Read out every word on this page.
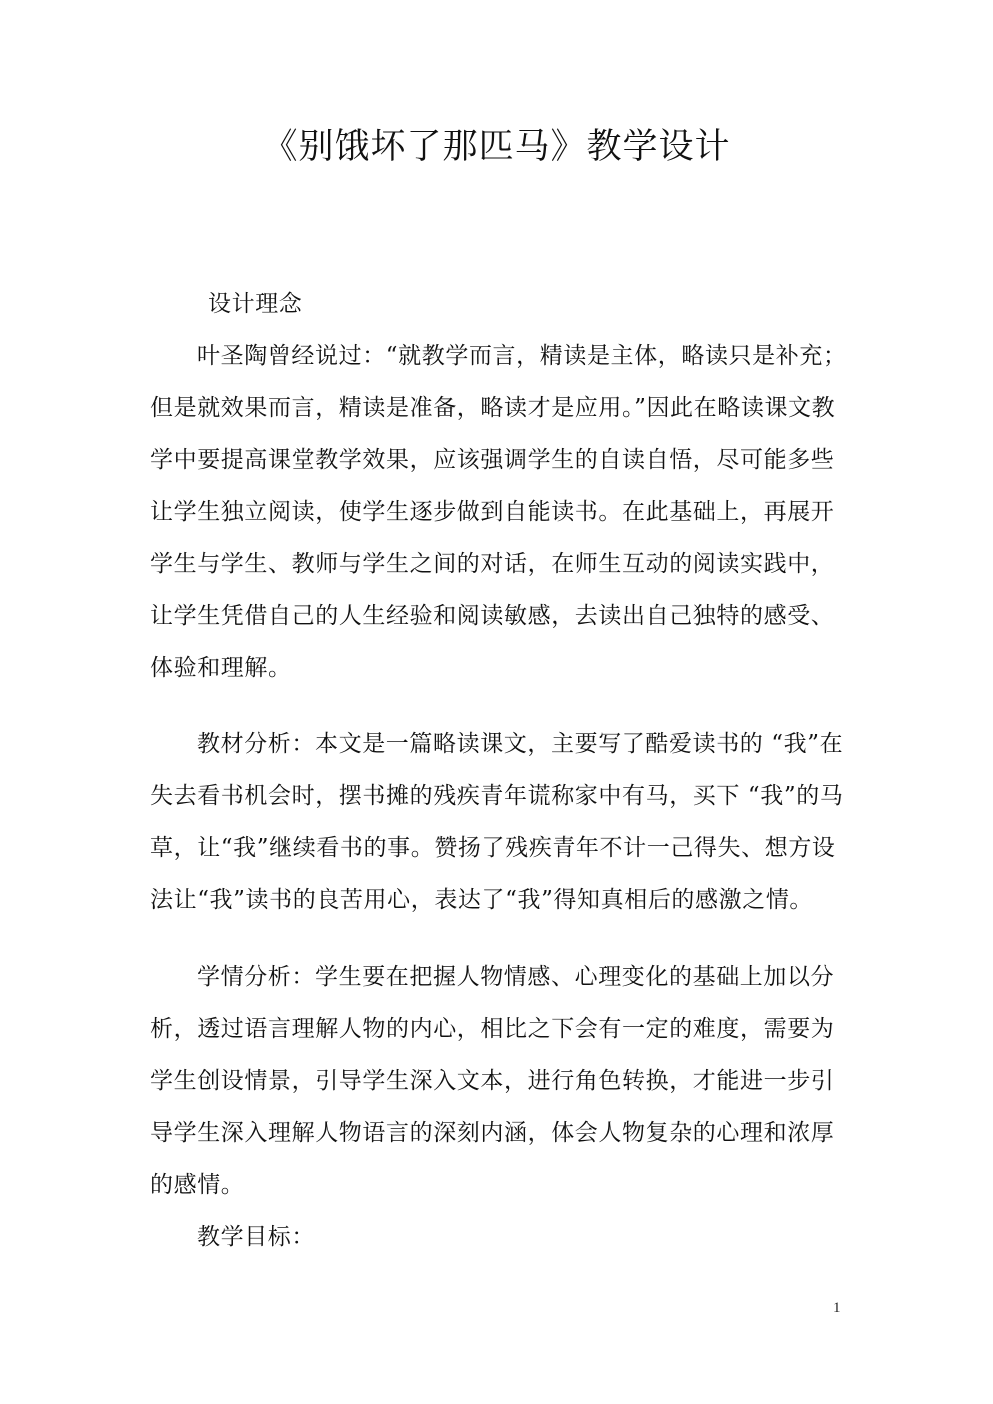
《别饿坏了那匹马》教学设计
设计理念
叶圣陶曾经说过：“就教学而言，精读是主体，略读只是补充；
但是就效果而言，精读是准备，略读才是应用。”因此在略读课文教
学中要提高课堂教学效果，应该强调学生的自读自悟，尽可能多些
让学生独立阅读，使学生逐步做到自能读书。在此基础上，再展开
学生与学生、教师与学生之间的对话，在师生互动的阅读实践中，
让学生凭借自己的人生经验和阅读敏感，去读出自己独特的感受、
体验和理解。
教材分析：本文是一篇略读课文，主要写了酷爱读书的 “我”在
失去看书机会时，摆书摊的残疾青年谎称家中有马，买下 “我”的马
草，让“我”继续看书的事。赞扬了残疾青年不计一己得失、想方设
法让“我”读书的良苦用心，表达了“我”得知真相后的感激之情。
学情分析：学生要在把握人物情感、心理变化的基础上加以分
析，透过语言理解人物的内心，相比之下会有一定的难度，需要为
学生创设情景，引导学生深入文本，进行角色转换，才能进一步引
导学生深入理解人物语言的深刻内涵，体会人物复杂的心理和浓厚
的感情。
教学目标：
1
